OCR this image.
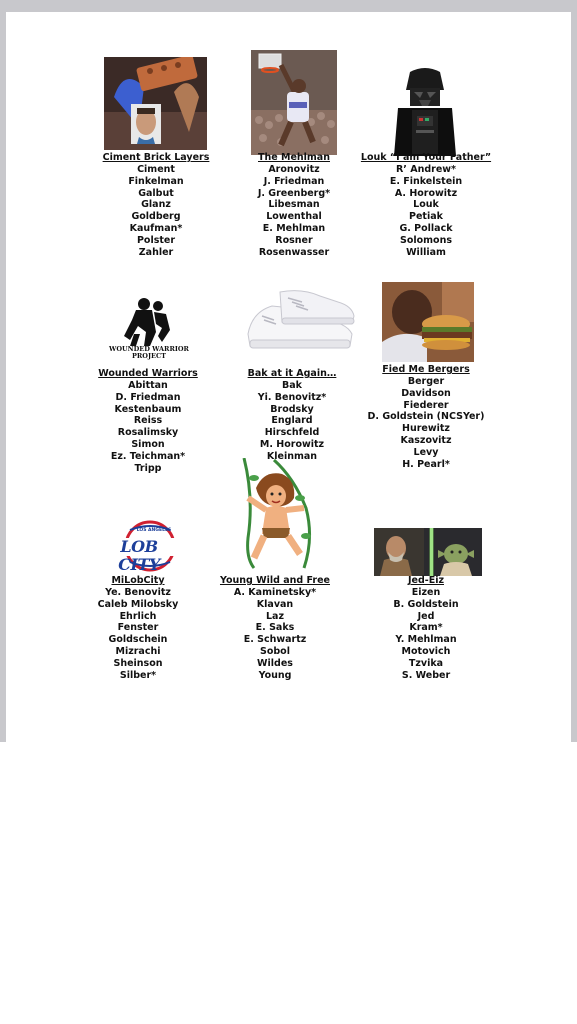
Ciment Brick Layers
Ciment
Finkelman
Galbut
Glanz
Goldberg
Kaufman*
Polster
Zahler
The Mehlman
Aronovitz
J. Friedman
J. Greenberg*
Libesman
Lowenthal
E. Mehlman
Rosner
Rosenwasser
Louk “I am Your Father”
R’ Andrew*
E. Finkelstein
A. Horowitz
Louk
Petiak
G. Pollack
Solomons
William
WOUNDED WARRIOR PROJECT
Wounded Warriors
Abittan
D. Friedman
Kestenbaum
Reiss
Rosalimsky
Simon
Ez. Teichman*
Tripp
Bak at it Again…
Bak
Yi. Benovitz*
Brodsky
Englard
Hirschfeld
M. Horowitz
Kleinman
Fied Me Bergers
Berger
Davidson
Fiederer
D. Goldstein (NCSYer)
Hurewitz
Kaszovitz
Levy
H. Pearl*
LOS ANGELES
LOB CITY
MiLobCity
Ye. Benovitz
Caleb Milobsky
Ehrlich
Fenster
Goldschein
Mizrachi
Sheinson
Silber*
Young Wild and Free
A. Kaminetsky*
Klavan
Laz
E. Saks
E. Schwartz
Sobol
Wildes
Young
Jed-Eiz
Eizen
B. Goldstein
Jed
Kram*
Y. Mehlman
Motovich
Tzvika
S. Weber
